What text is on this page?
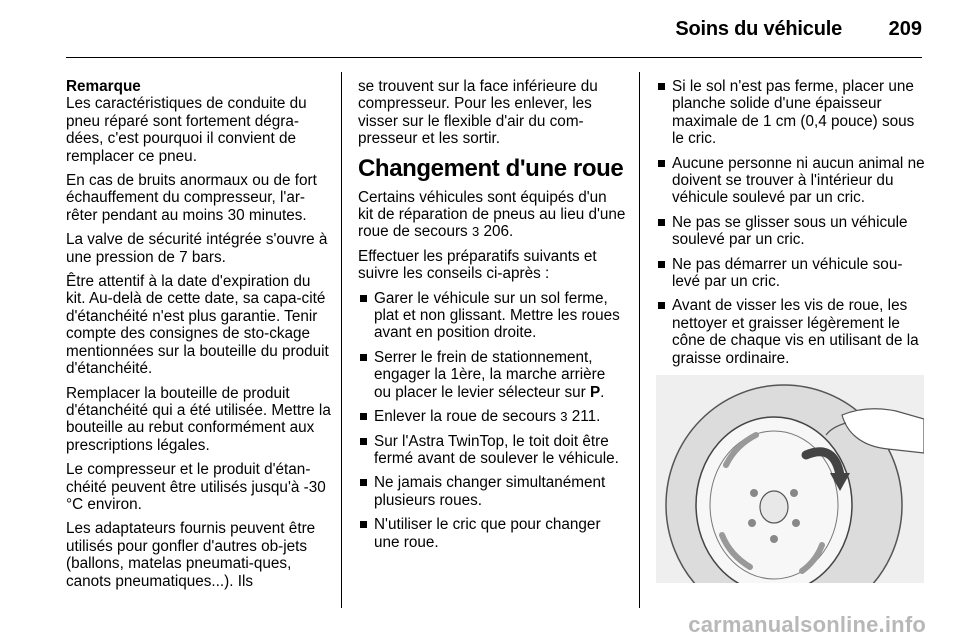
Soins du véhicule 209

Remarque
Les caractéristiques de conduite du pneu réparé sont fortement dégra-dées, c'est pourquoi il convient de remplacer ce pneu.

En cas de bruits anormaux ou de fort échauffement du compresseur, l'ar-rêter pendant au moins 30 minutes.

La valve de sécurité intégrée s'ouvre à une pression de 7 bars.

Être attentif à la date d'expiration du kit. Au-delà de cette date, sa capa-cité d'étanchéité n'est plus garantie. Tenir compte des consignes de sto-ckage mentionnées sur la bouteille du produit d'étanchéité.

Remplacer la bouteille de produit d'étanchéité qui a été utilisée. Mettre la bouteille au rebut conformément aux prescriptions légales.

Le compresseur et le produit d'étan-chéité peuvent être utilisés jusqu'à -30 °C environ.

Les adaptateurs fournis peuvent être utilisés pour gonfler d'autres ob-jets (ballons, matelas pneumati-ques, canots pneumatiques...). Ils

se trouvent sur la face inférieure du compresseur. Pour les enlever, les visser sur le flexible d'air du com-presseur et les sortir.

Changement d'une roue

Certains véhicules sont équipés d'un kit de réparation de pneus au lieu d'une roue de secours 3 206.

Effectuer les préparatifs suivants et suivre les conseils ci-après :

Garer le véhicule sur un sol ferme, plat et non glissant. Mettre les roues avant en position droite.
Serrer le frein de stationnement, engager la 1ère, la marche arrière ou placer le levier sélecteur sur P.
Enlever la roue de secours 3 211.
Sur l'Astra TwinTop, le toit doit être fermé avant de soulever le véhicule.
Ne jamais changer simultanément plusieurs roues.
N'utiliser le cric que pour changer une roue.
Si le sol n'est pas ferme, placer une planche solide d'une épaisseur maximale de 1 cm (0,4 pouce) sous le cric.
Aucune personne ni aucun animal ne doivent se trouver à l'intérieur du véhicule soulevé par un cric.
Ne pas se glisser sous un véhicule soulevé par un cric.
Ne pas démarrer un véhicule sou-levé par un cric.
Avant de visser les vis de roue, les nettoyer et graisser légèrement le cône de chaque vis en utilisant de la graisse ordinaire.
carmanualsonline.info
